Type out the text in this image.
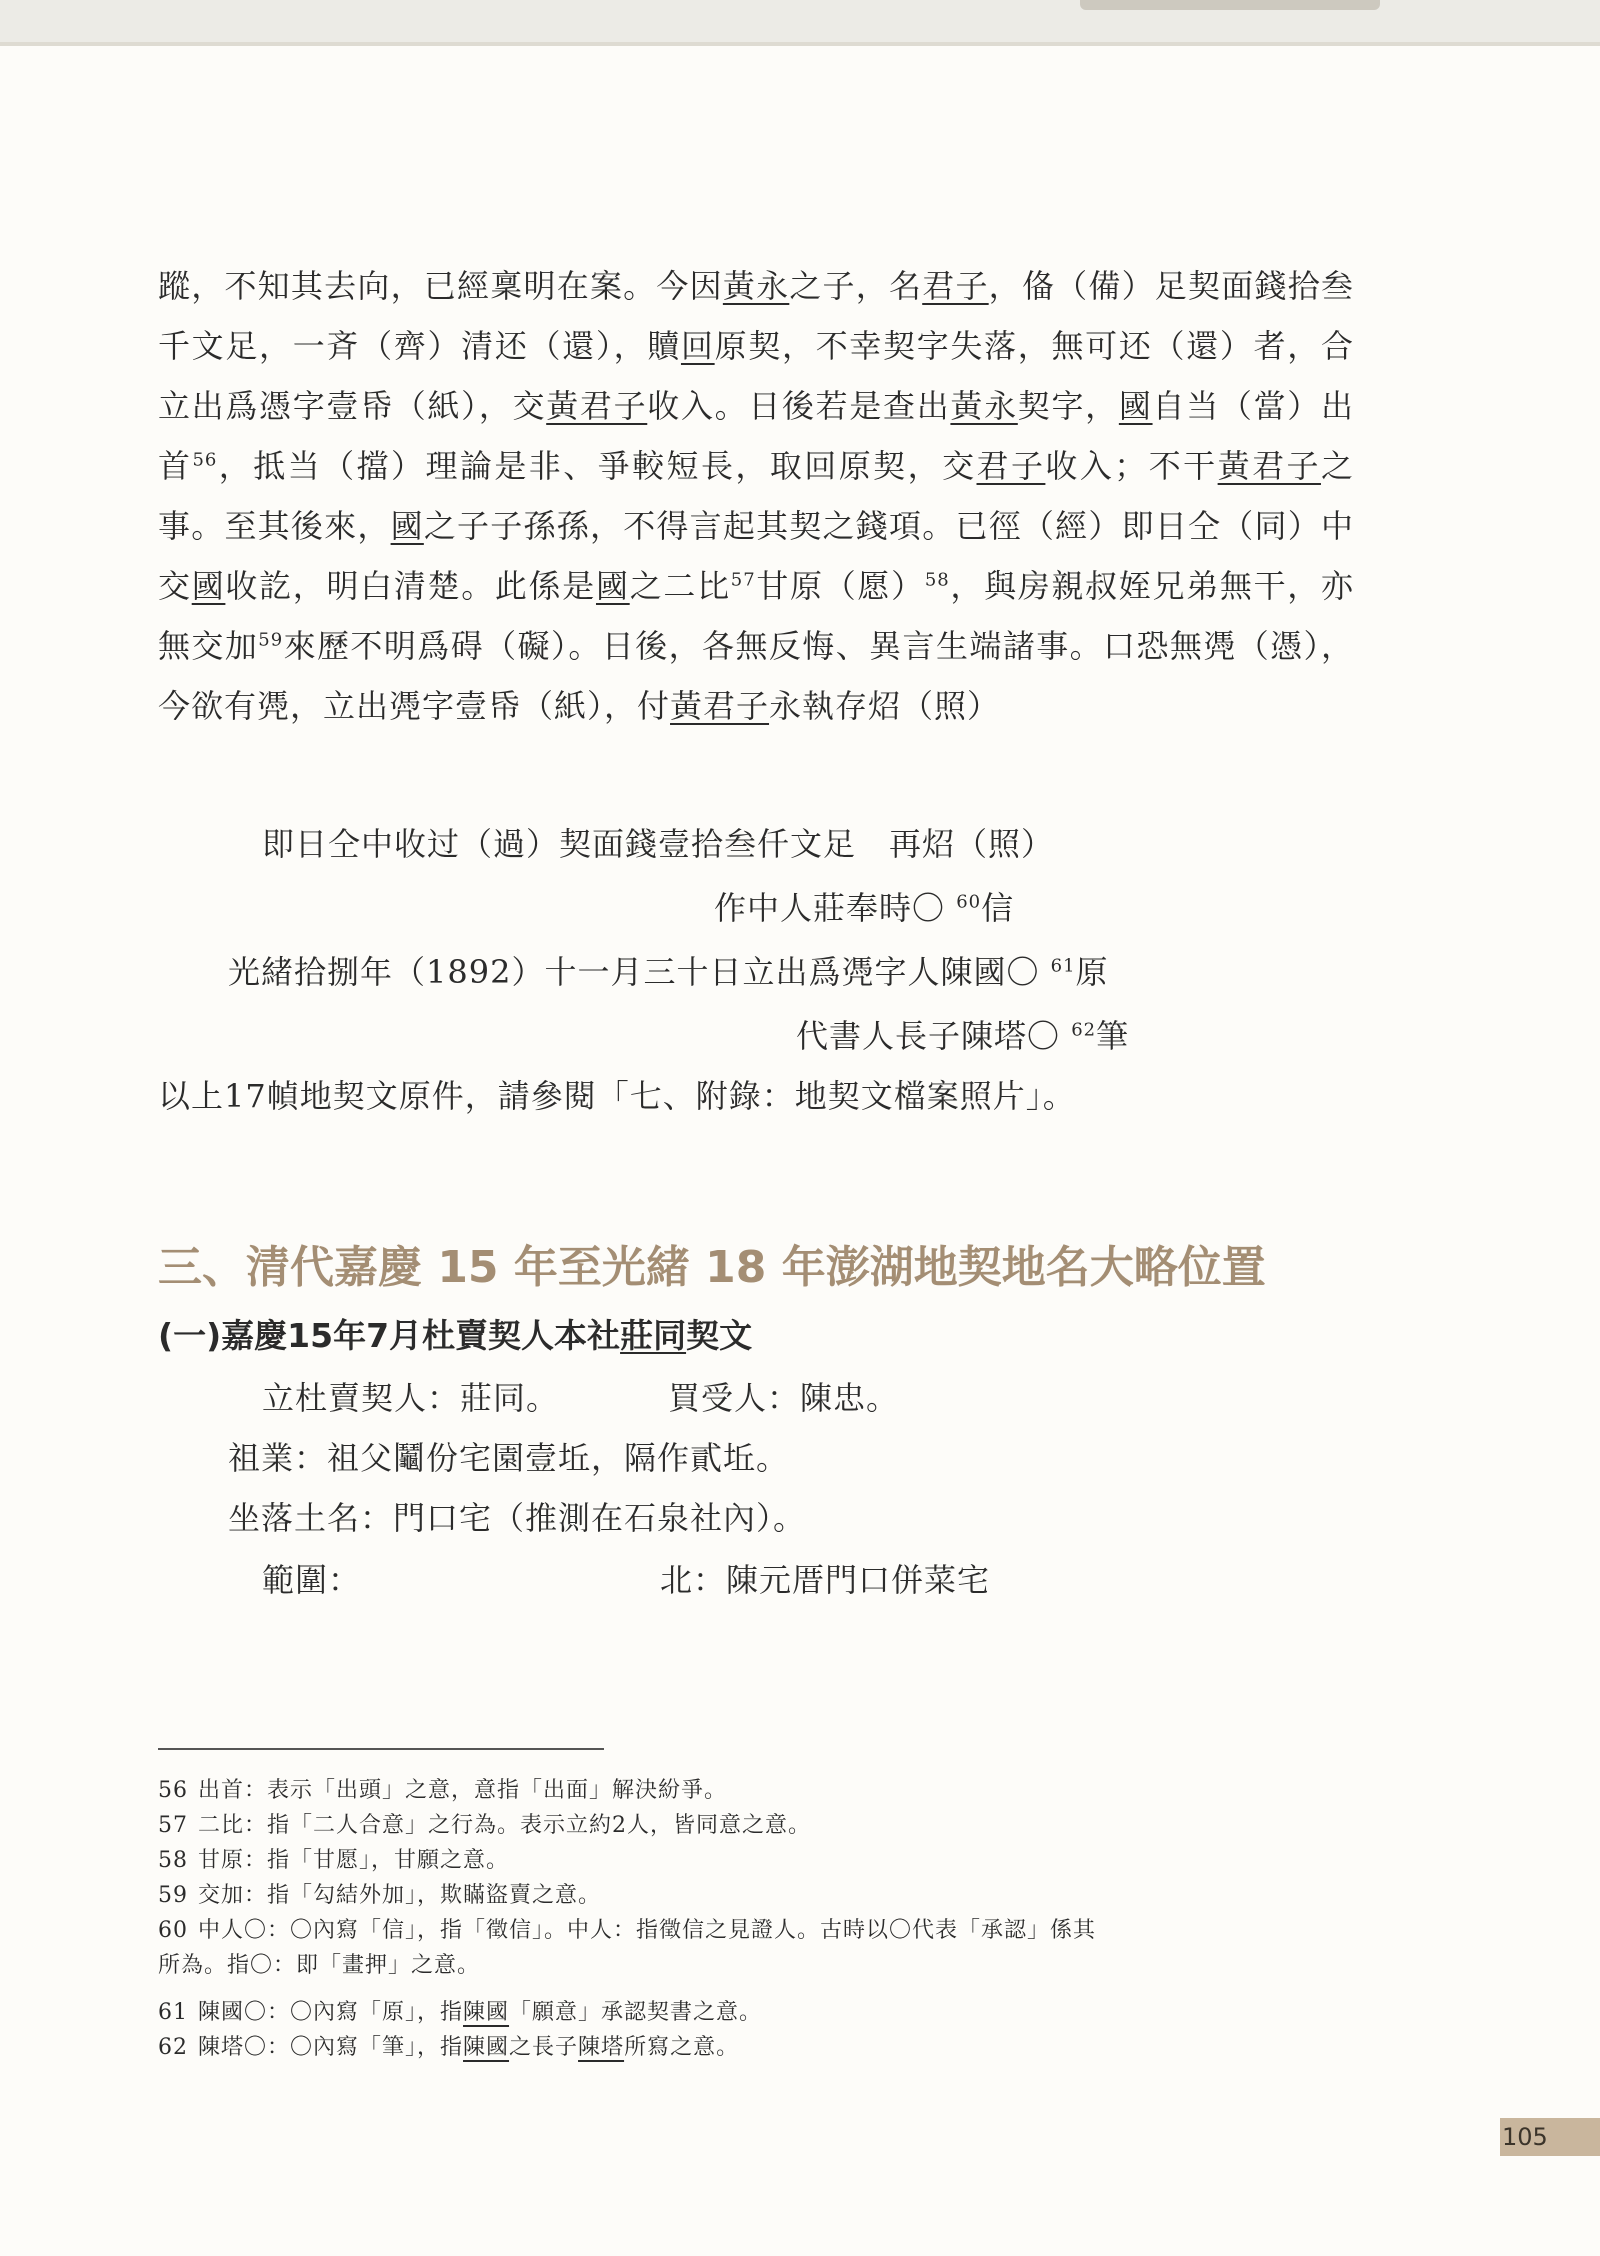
蹤，不知其去向，已經稟明在案。今因黃永之子，名君子，俻（備）足契面錢拾叁千文足，一斉（齊）清还（還），贖回原契，不幸契字失落，無可还（還）者，合立出爲憑字壹帋（紙），交黃君子收入。日後若是查出黃永契字，國自当（當）出首$^{56}$，抵当（擋）理論是非、爭較短長，取回原契，交君子收入；不干黃君子之事。至其後來，國之子子孫孫，不得言起其契之錢項。已徑（經）即日仝（同）中交國收訖，明白清楚。此係是國之二比$^{57}$甘原（愿）$^{58}$，與房親叔姪兄弟無干，亦無交加$^{59}$來歷不明爲碍（礙）。日後，各無反悔、異言生端諸事。口恐無凴（憑），今欲有凴，立出凴字壹帋（紙），付黃君子永執存炤（照）
即日仝中收过（過）契面錢壹拾叁仟文足　再炤（照）
作中人莊奉時〇 $^{60}$信
光緒拾捌年（1892）十一月三十日立出爲凴字人陳國〇 $^{61}$原
代書人長子陳塔〇 $^{62}$筆
以上17幀地契文原件，請參閱「七、附錄：地契文檔案照片」。
三、清代嘉慶 15 年至光緒 18 年澎湖地契地名大略位置
(一)嘉慶15年7月杜賣契人本社莊同契文
立杜賣契人：莊同。	買受人：陳忠。
祖業：祖父鬮份宅園壹坵，隔作貳坵。
坐落土名：門口宅（推測在石泉社內）。
範圍：	北：陳元厝門口併菜宅
56 出首：表示「出頭」之意，意指「出面」解決紛爭。
57 二比：指「二人合意」之行為。表示立約2人，皆同意之意。
58 甘原：指「甘愿」，甘願之意。
59 交加：指「勾結外加」，欺瞞盜賣之意。
60 中人〇：〇內寫「信」，指「徵信」。中人：指徵信之見證人。古時以〇代表「承認」係其
所為。指〇：即「畫押」之意。
61 陳國〇：〇內寫「原」，指陳國「願意」承認契書之意。
62 陳塔〇：〇內寫「筆」，指陳國之長子陳塔所寫之意。
105
